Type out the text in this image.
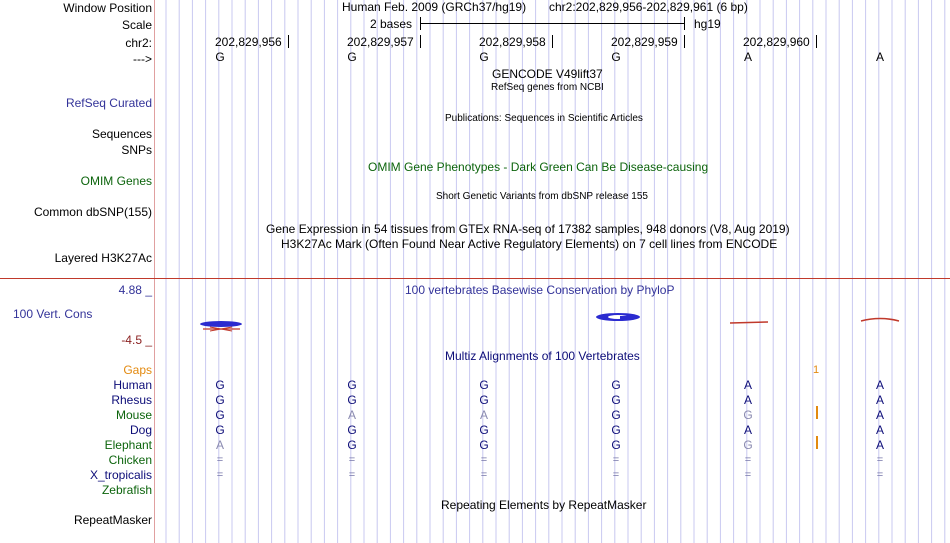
Window Position	Human Feb. 2009 (GRCh37/hg19) chr2:202,829,956-202,829,961 (6 bp)
Scale	2 bases	hg19
chr2:	202,829,956	202,829,957	202,829,958	202,829,959	202,829,960
--->	G	G	G	G	A	A
GENCODE V49lift37
RefSeq genes from NCBI
RefSeq Curated
Publications: Sequences in Scientific Articles
Sequences
SNPs
OMIM Gene Phenotypes - Dark Green Can Be Disease-causing
OMIM Genes
Short Genetic Variants from dbSNP release 155
Common dbSNP(155)
Gene Expression in 54 tissues from GTEx RNA-seq of 17382 samples, 948 donors (V8, Aug 2019)
H3K27Ac Mark (Often Found Near Active Regulatory Elements) on 7 cell lines from ENCODE
Layered H3K27Ac
4.88 _	100 vertebrates Basewise Conservation by PhyloP
100 Vert. Cons
-4.5 _
Multiz Alignments of 100 Vertebrates
Gaps	1
Human	G	G	G	G	A	A
Rhesus	G	G	G	G	A	A
Mouse	G	A	A	G	G	A
Dog	G	G	G	G	A	A
Elephant	A	G	G	G	G	A
Chicken	=	=	=	=	=	=
X_tropicalis	=	=	=	=	=	=
Zebrafish
Repeating Elements by RepeatMasker
RepeatMasker
